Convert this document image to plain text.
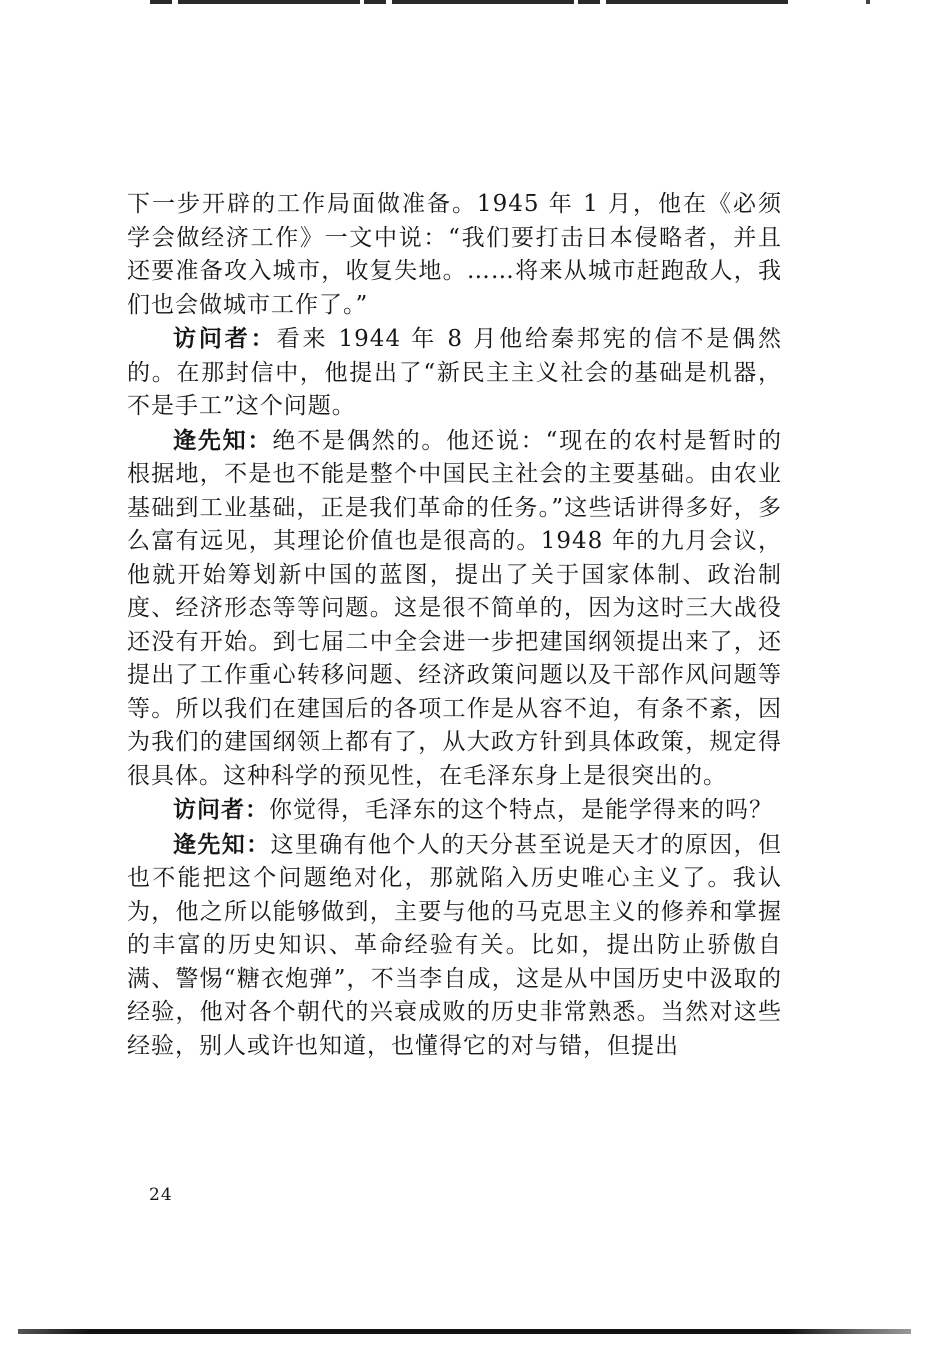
下一步开辟的工作局面做准备。1945 年 1 月，他在《必须学会做经济工作》一文中说：“我们要打击日本侵略者，并且还要准备攻入城市，收复失地。……将来从城市赶跑敌人，我们也会做城市工作了。”

访问者：看来 1944 年 8 月他给秦邦宪的信不是偶然的。在那封信中，他提出了“新民主主义社会的基础是机器，不是手工”这个问题。

逄先知：绝不是偶然的。他还说：“现在的农村是暂时的根据地，不是也不能是整个中国民主社会的主要基础。由农业基础到工业基础，正是我们革命的任务。”这些话讲得多好，多么富有远见，其理论价值也是很高的。1948 年的九月会议，他就开始筹划新中国的蓝图，提出了关于国家体制、政治制度、经济形态等等问题。这是很不简单的，因为这时三大战役还没有开始。到七届二中全会进一步把建国纲领提出来了，还提出了工作重心转移问题、经济政策问题以及干部作风问题等等。所以我们在建国后的各项工作是从容不迫，有条不紊，因为我们的建国纲领上都有了，从大政方针到具体政策，规定得很具体。这种科学的预见性，在毛泽东身上是很突出的。

访问者：你觉得，毛泽东的这个特点，是能学得来的吗？

逄先知：这里确有他个人的天分甚至说是天才的原因，但也不能把这个问题绝对化，那就陷入历史唯心主义了。我认为，他之所以能够做到，主要与他的马克思主义的修养和掌握的丰富的历史知识、革命经验有关。比如，提出防止骄傲自满、警惕“糖衣炮弹”，不当李自成，这是从中国历史中汲取的经验，他对各个朝代的兴衰成败的历史非常熟悉。当然对这些经验，别人或许也知道，也懂得它的对与错，但提出

24
